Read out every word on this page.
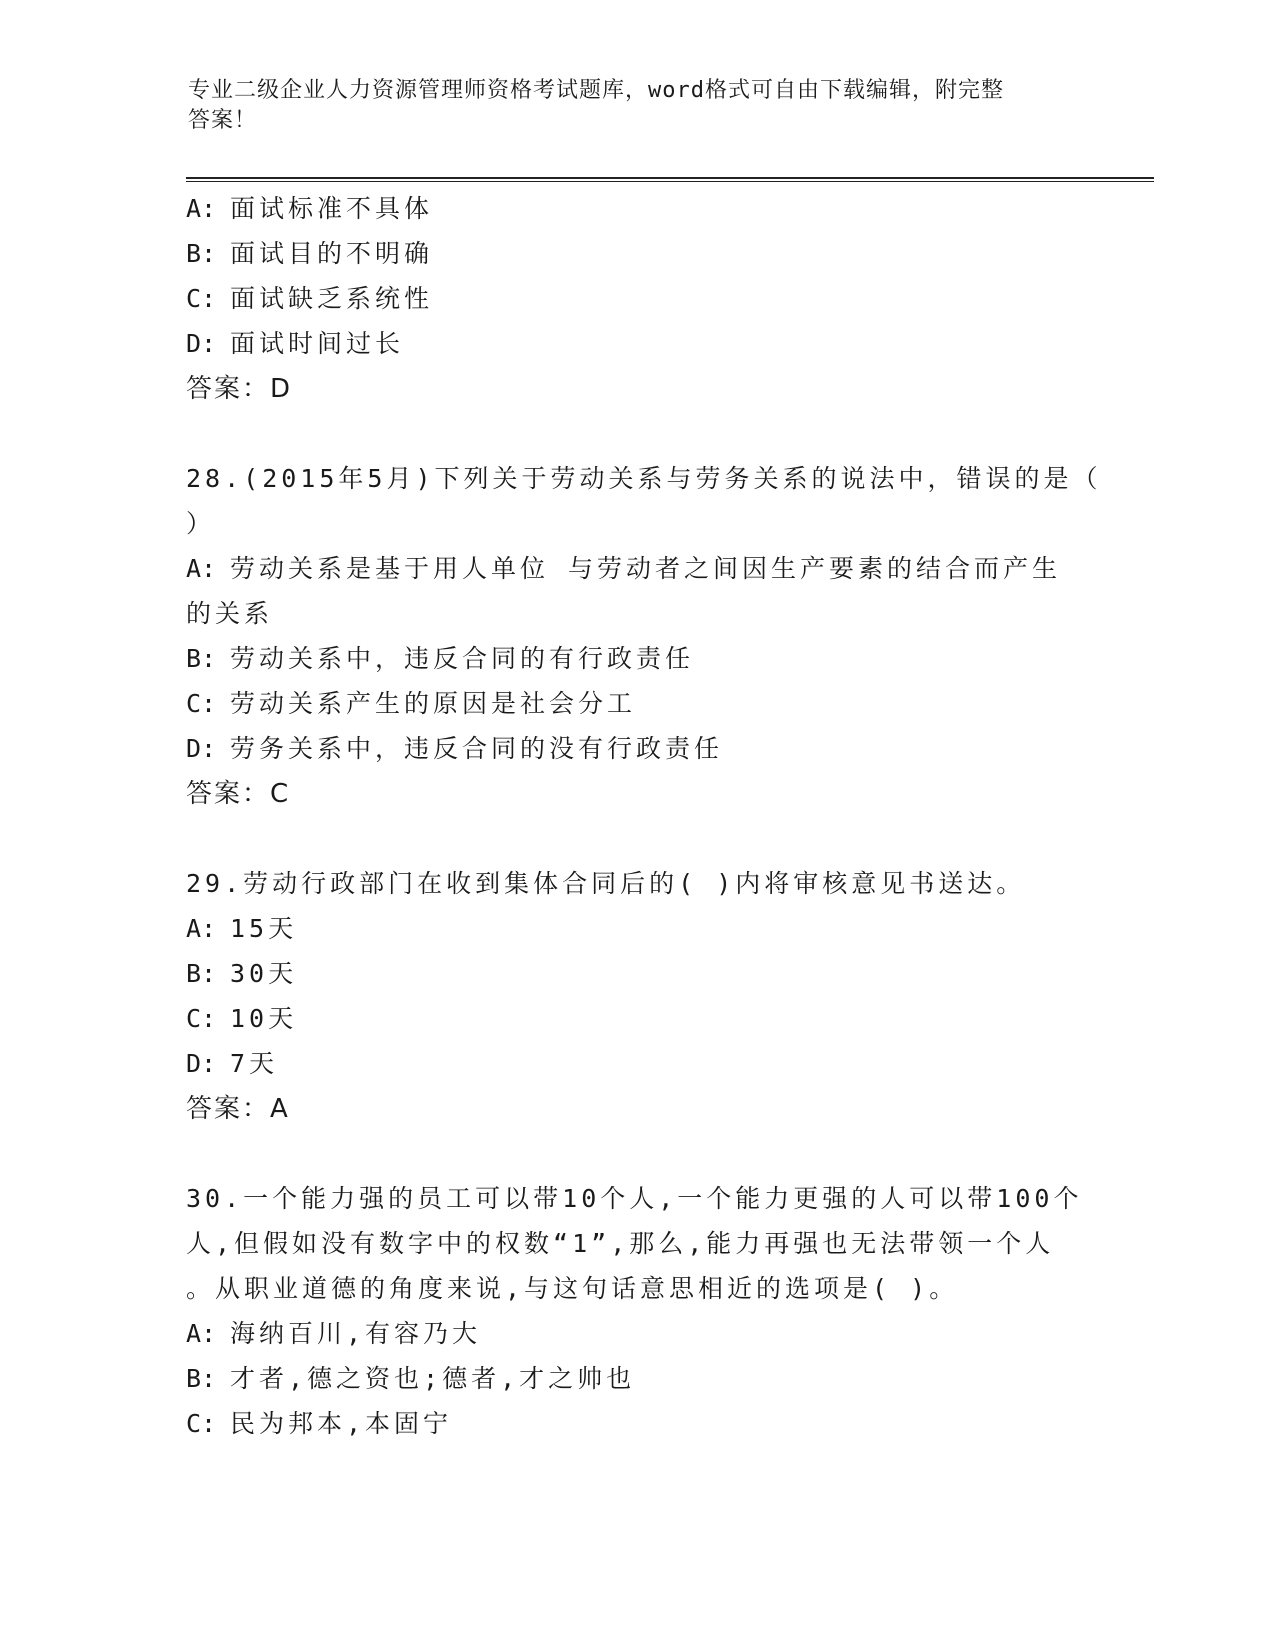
专业二级企业人力资源管理师资格考试题库，word格式可自由下载编辑，附完整
答案！
A: 面试标准不具体
B: 面试目的不明确
C: 面试缺乏系统性
D: 面试时间过长
答案：D
28.(2015年5月)下列关于劳动关系与劳务关系的说法中，错误的是（
）
A: 劳动关系是基于用人单位 与劳动者之间因生产要素的结合而产生
的关系
B: 劳动关系中，违反合同的有行政责任
C: 劳动关系产生的原因是社会分工
D: 劳务关系中，违反合同的没有行政责任
答案：C
29.劳动行政部门在收到集体合同后的( )内将审核意见书送达。
A: 15天
B: 30天
C: 10天
D: 7天
答案：A
30.一个能力强的员工可以带10个人,一个能力更强的人可以带100个
人,但假如没有数字中的权数“1”,那么,能力再强也无法带领一个人
。从职业道德的角度来说,与这句话意思相近的选项是( )。
A: 海纳百川,有容乃大
B: 才者,德之资也;德者,才之帅也
C: 民为邦本,本固宁
